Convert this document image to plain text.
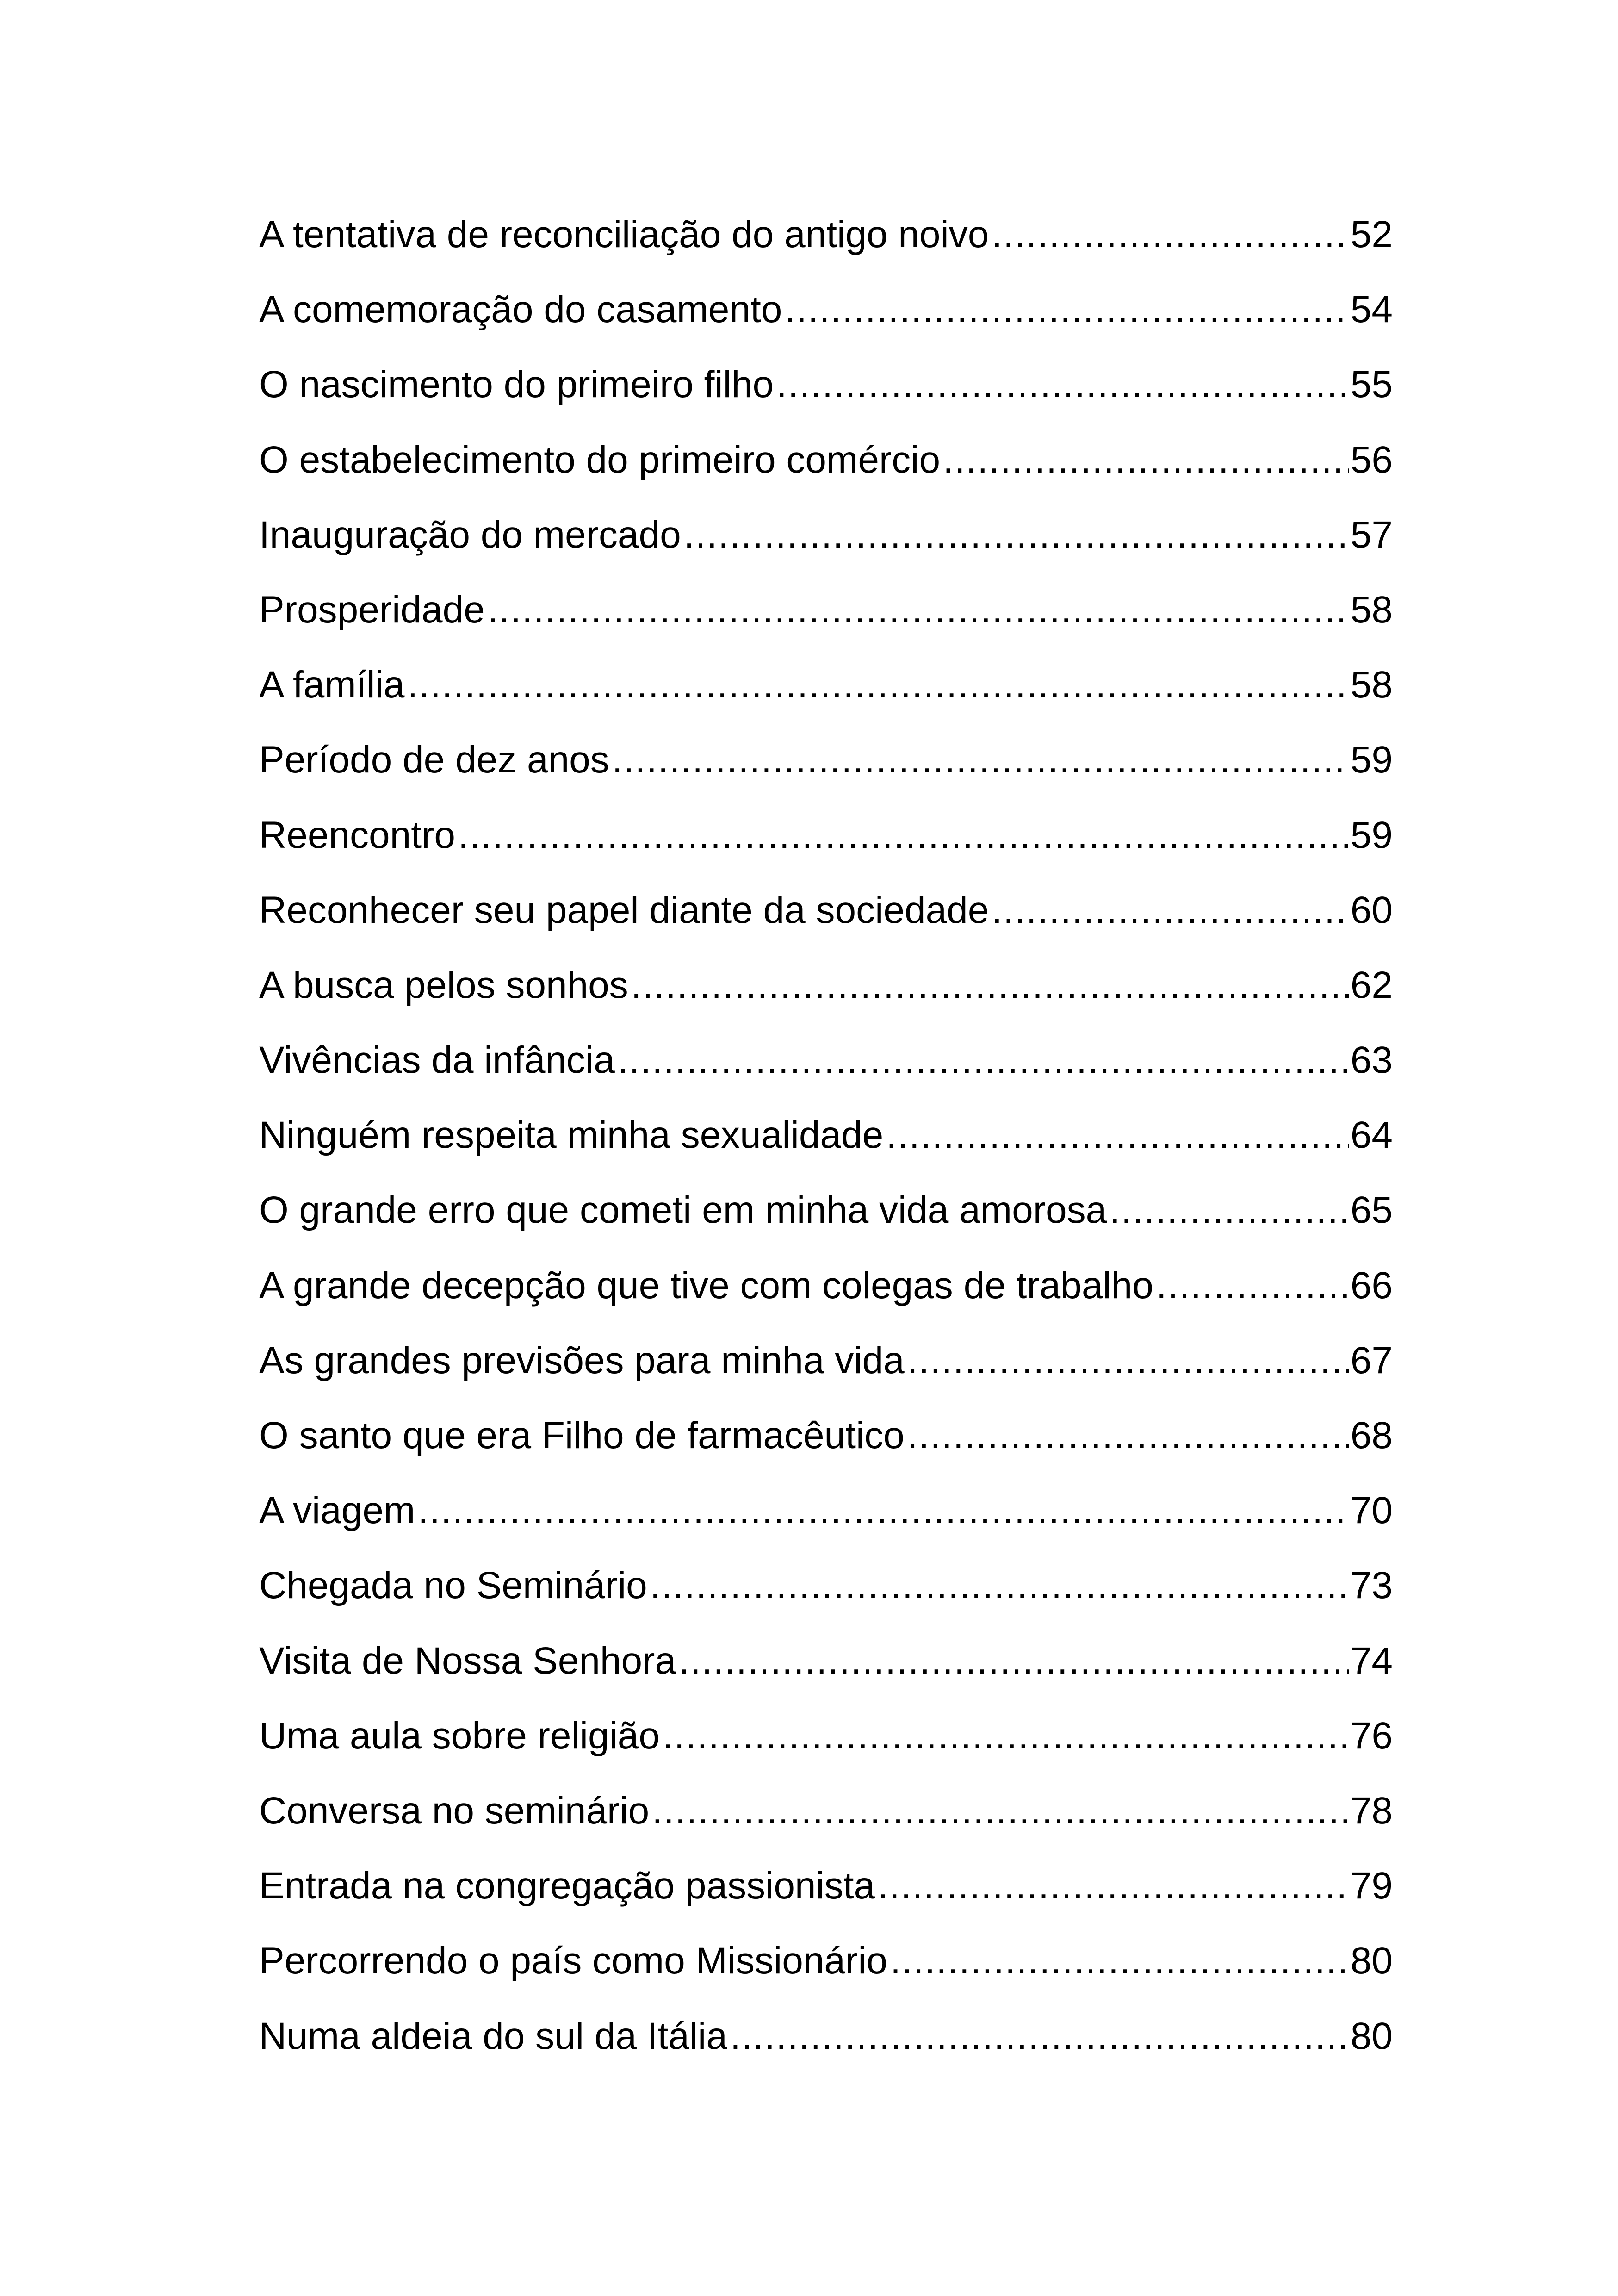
A tentativa de reconciliação do antigo noivo .....	52
A comemoração do casamento .....	54
O nascimento do primeiro filho .....	55
O estabelecimento do primeiro comércio .....	56
Inauguração do mercado .....	57
Prosperidade .....	58
A família .....	58
Período de dez anos .....	59
Reencontro .....	59
Reconhecer seu papel diante da sociedade .....	60
A busca pelos sonhos .....	62
Vivências da infância .....	63
Ninguém respeita minha sexualidade .....	64
O grande erro que cometi em minha vida amorosa .....	65
A grande decepção que tive com colegas de trabalho .....	66
As grandes previsões para minha vida .....	67
O santo que era Filho de farmacêutico .....	68
A viagem .....	70
Chegada no Seminário .....	73
Visita de Nossa Senhora .....	74
Uma aula sobre religião .....	76
Conversa no seminário .....	78
Entrada na congregação passionista .....	79
Percorrendo o país como Missionário .....	80
Numa aldeia do sul da Itália .....	80
